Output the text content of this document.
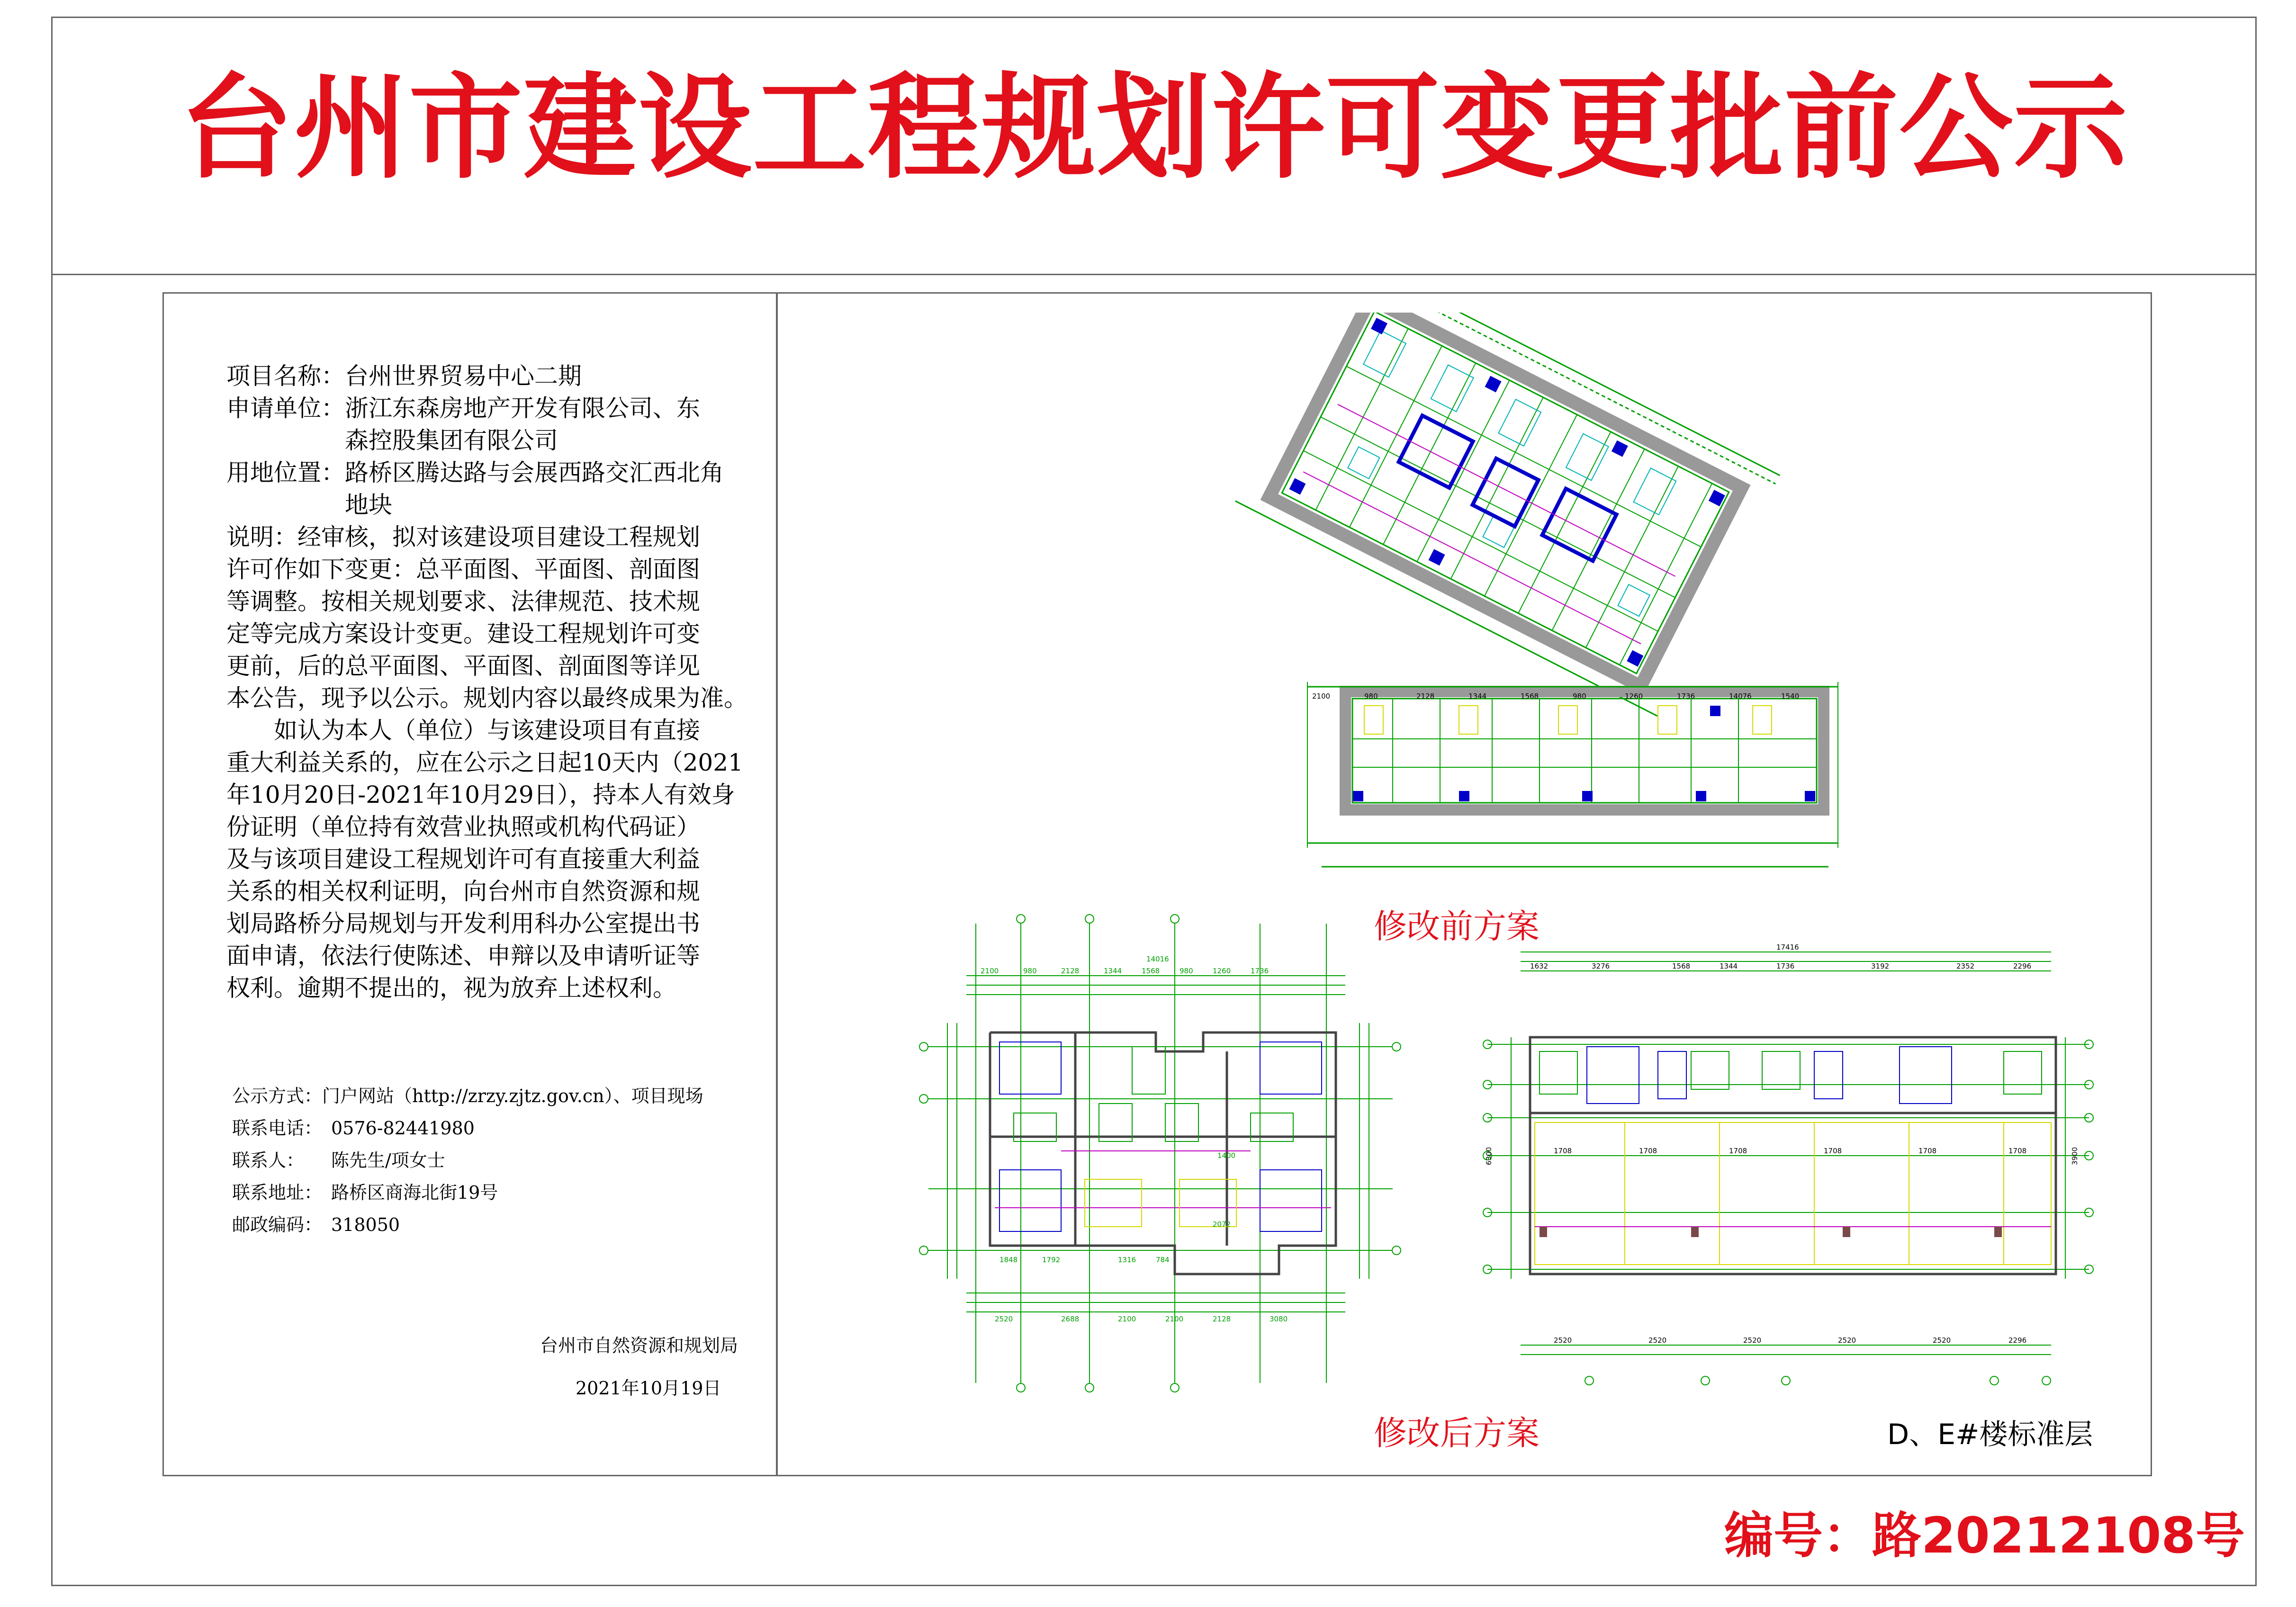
台州市建设工程规划许可变更批前公示
项目名称：台州世界贸易中心二期
申请单位：浙江东森房地产开发有限公司、东
　　　　　森控股集团有限公司
用地位置：路桥区腾达路与会展西路交汇西北角
　　　　　地块
说明：经审核，拟对该建设项目建设工程规划
许可作如下变更：总平面图、平面图、剖面图
等调整。按相关规划要求、法律规范、技术规
定等完成方案设计变更。建设工程规划许可变
更前，后的总平面图、平面图、剖面图等详见
本公告，现予以公示。规划内容以最终成果为准。
　　如认为本人（单位）与该建设项目有直接
重大利益关系的，应在公示之日起10天内（2021
年10月20日-2021年10月29日），持本人有效身
份证明（单位持有效营业执照或机构代码证）
及与该项目建设工程规划许可有直接重大利益
关系的相关权利证明，向台州市自然资源和规
划局路桥分局规划与开发利用科办公室提出书
面申请，依法行使陈述、申辩以及申请听证等
权利。逾期不提出的，视为放弃上述权利。
公示方式：门户网站（http://zrzy.zjtz.gov.cn）、项目现场
联系电话：　0576-82441980
联系人：　　陈先生/项女士
联系地址：　路桥区商海北街19号
邮政编码：　318050
台州市自然资源和规划局
2021年10月19日
修改前方案
修改后方案	D、E#楼标准层
编号：路20212108号
2100	980	2128	1344	1568	980	1260	1736
14016
2520	2688	2100	2100	2128	3080
1848	1792	1316	784
1400
2072
17416
1632	3276	1568	1344	1736	3192	2352	2296
2520	2520	2520	2520	2520	2296
1708	1708	1708	1708	1708	1708
6300	3900
2100	980	2128	1344	1568	980	1260	1736	14076	1540
